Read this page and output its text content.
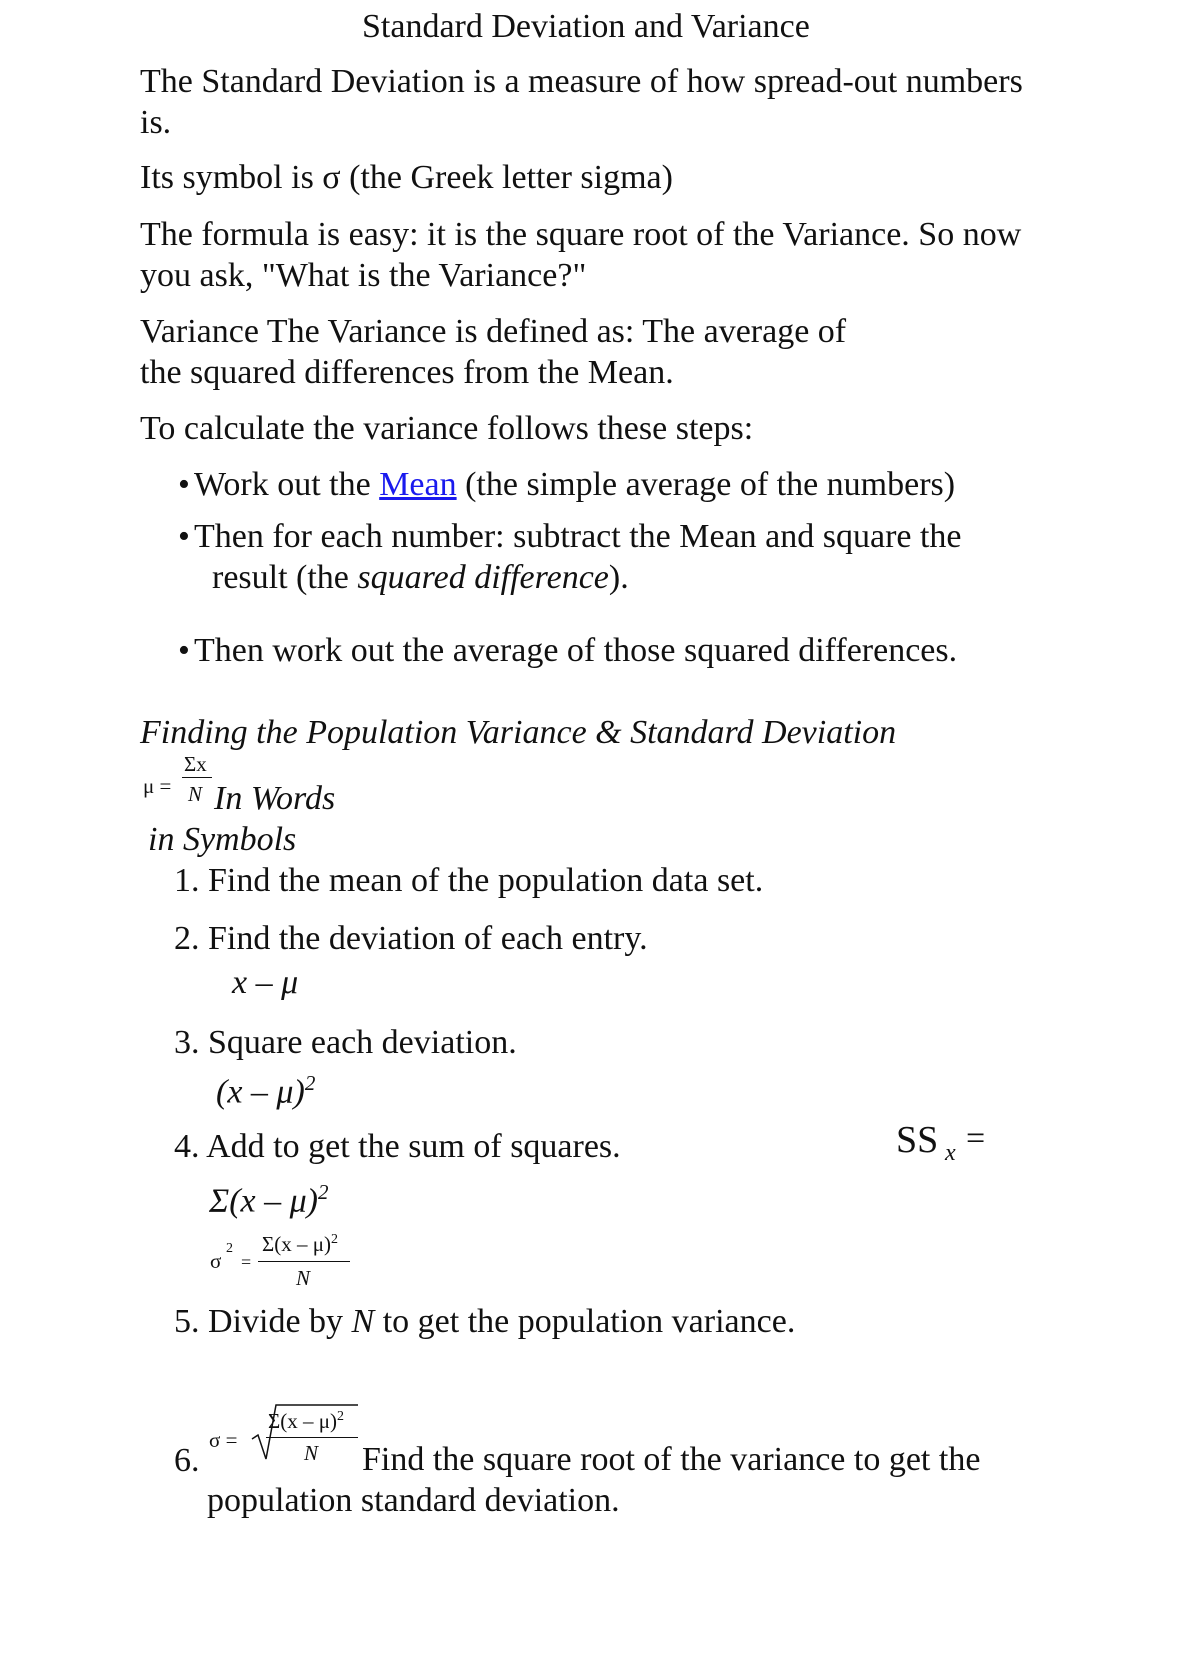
Standard Deviation and Variance
The Standard Deviation is a measure of how spread-out numbers
is.
Its symbol is σ (the Greek letter sigma)
The formula is easy: it is the square root of the Variance. So now
you ask, "What is the Variance?"
Variance The Variance is defined as: The average of
the squared differences from the Mean.
To calculate the variance follows these steps:
• Work out the Mean (the simple average of the numbers)
• Then for each number: subtract the Mean and square the
result (the squared difference).
• Then work out the average of those squared differences.
Finding the Population Variance & Standard Deviation
μ =
Σx
N In Words
in Symbols
1. Find the mean of the population data set.
2. Find the deviation of each entry.
x – μ
3. Square each deviation.
(x – μ)$^2$
4. Add to get the sum of squares.
Σ(x – μ)$^2$
SS x =
σ
2
=
Σ(x – μ)$^2$
N
5. Divide by N to get the population variance.
6.
σ =
Σ(x – μ)$^2$
N Find the square root of the variance to get the
population standard deviation.
